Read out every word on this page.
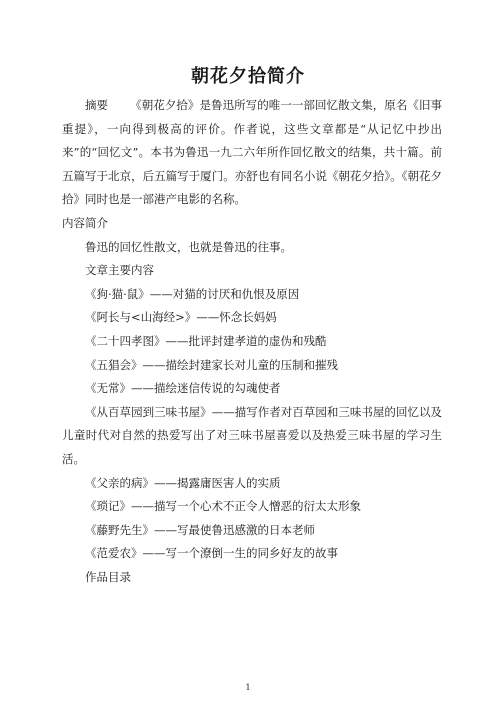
朝花夕拾简介

摘要 《朝花夕拾》是鲁迅所写的唯一一部回忆散文集，原名《旧事重提》，一向得到极高的评价。作者说，这些文章都是“从记忆中抄出来”的“回忆文”。本书为鲁迅一九二六年所作回忆散文的结集，共十篇。前五篇写于北京，后五篇写于厦门。亦舒也有同名小说《朝花夕拾》。《朝花夕拾》同时也是一部港产电影的名称。

内容简介

鲁迅的回忆性散文，也就是鲁迅的往事。

文章主要内容

《狗·猫·鼠》——对猫的讨厌和仇恨及原因

《阿长与<山海经>》——怀念长妈妈

《二十四孝图》——批评封建孝道的虚伪和残酷

《五猖会》——描绘封建家长对儿童的压制和摧残

《无常》——描绘迷信传说的勾魂使者

《从百草园到三味书屋》——描写作者对百草园和三味书屋的回忆以及儿童时代对自然的热爱写出了对三味书屋喜爱以及热爱三味书屋的学习生活。

《父亲的病》——揭露庸医害人的实质

《琐记》——描写一个心术不正令人憎恶的衍太太形象

《藤野先生》——写最使鲁迅感激的日本老师

《范爱农》——写一个潦倒一生的同乡好友的故事

作品目录

1
